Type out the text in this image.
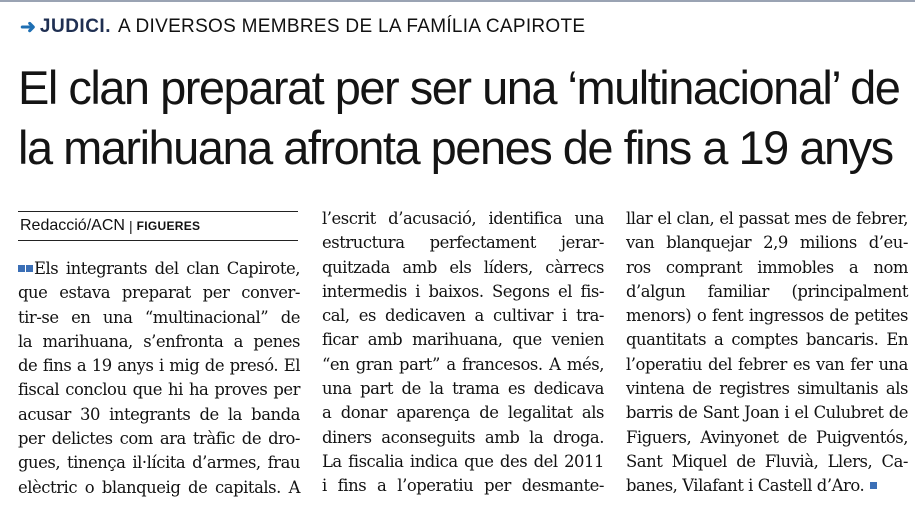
➜ JUDICI. A DIVERSOS MEMBRES DE LA FAMÍLIA CAPIROTE
El clan preparat per ser una ‘multinacional’ de
la marihuana afronta penes de fins a 19 anys
Redacció/ACN | FIGUERES
Els integrants del clan Capirote,
que estava preparat per conver-
tir-se en una “multinacional” de
la marihuana, s’enfronta a penes
de fins a 19 anys i mig de presó. El
fiscal conclou que hi ha proves per
acusar 30 integrants de la banda
per delictes com ara tràfic de dro-
gues, tinença il·lícita d’armes, frau
elèctric o blanqueig de capitals. A
l’escrit d’acusació, identifica una
estructura perfectament jerar-
quitzada amb els líders, càrrecs
intermedis i baixos. Segons el fis-
cal, es dedicaven a cultivar i tra-
ficar amb marihuana, que venien
“en gran part” a francesos. A més,
una part de la trama es dedicava
a donar aparença de legalitat als
diners aconseguits amb la droga.
La fiscalia indica que des del 2011
i fins a l’operatiu per desmante-
llar el clan, el passat mes de febrer,
van blanquejar 2,9 milions d’eu-
ros comprant immobles a nom
d’algun familiar (principalment
menors) o fent ingressos de petites
quantitats a comptes bancaris. En
l’operatiu del febrer es van fer una
vintena de registres simultanis als
barris de Sant Joan i el Culubret de
Figuers, Avinyonet de Puigventós,
Sant Miquel de Fluvià, Llers, Ca-
banes, Vilafant i Castell d’Aro.
